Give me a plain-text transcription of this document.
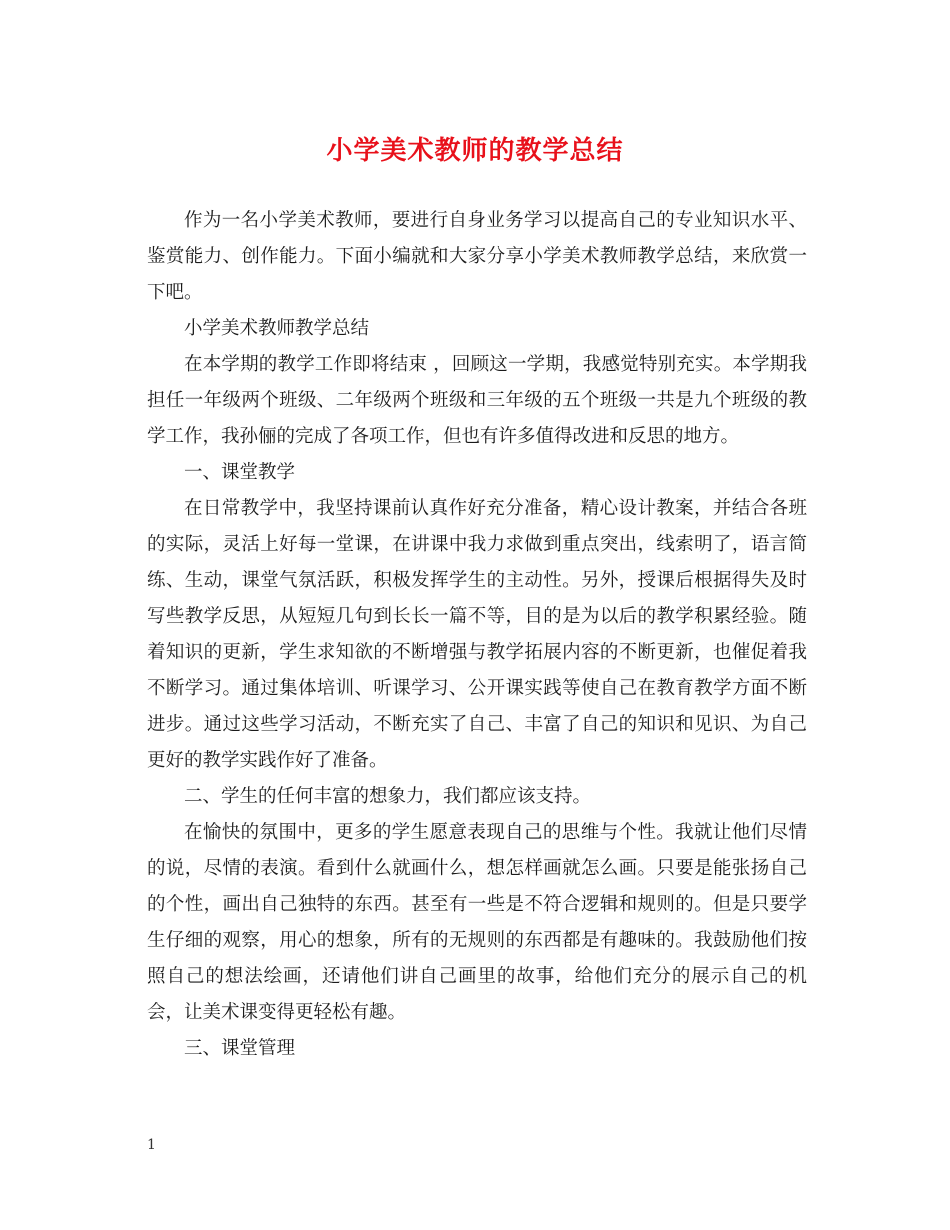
小学美术教师的教学总结

作为一名小学美术教师，要进行自身业务学习以提高自己的专业知识水平、鉴赏能力、创作能力。下面小编就和大家分享小学美术教师教学总结，来欣赏一下吧。

小学美术教师教学总结

在本学期的教学工作即将结束 ，回顾这一学期，我感觉特别充实。本学期我担任一年级两个班级、二年级两个班级和三年级的五个班级一共是九个班级的教学工作，我孙俪的完成了各项工作，但也有许多值得改进和反思的地方。

一、课堂教学

在日常教学中，我坚持课前认真作好充分准备，精心设计教案，并结合各班的实际，灵活上好每一堂课，在讲课中我力求做到重点突出，线索明了，语言简练、生动，课堂气氛活跃，积极发挥学生的主动性。另外，授课后根据得失及时写些教学反思，从短短几句到长长一篇不等，目的是为以后的教学积累经验。随着知识的更新，学生求知欲的不断增强与教学拓展内容的不断更新，也催促着我不断学习。通过集体培训、听课学习、公开课实践等使自己在教育教学方面不断进步。通过这些学习活动，不断充实了自己、丰富了自己的知识和见识、为自己更好的教学实践作好了准备。

二、学生的任何丰富的想象力，我们都应该支持。

在愉快的氛围中，更多的学生愿意表现自己的思维与个性。我就让他们尽情的说，尽情的表演。看到什么就画什么，想怎样画就怎么画。只要是能张扬自己的个性，画出自己独特的东西。甚至有一些是不符合逻辑和规则的。但是只要学生仔细的观察，用心的想象，所有的无规则的东西都是有趣味的。我鼓励他们按照自己的想法绘画，还请他们讲自己画里的故事，给他们充分的展示自己的机会，让美术课变得更轻松有趣。

三、课堂管理

1
